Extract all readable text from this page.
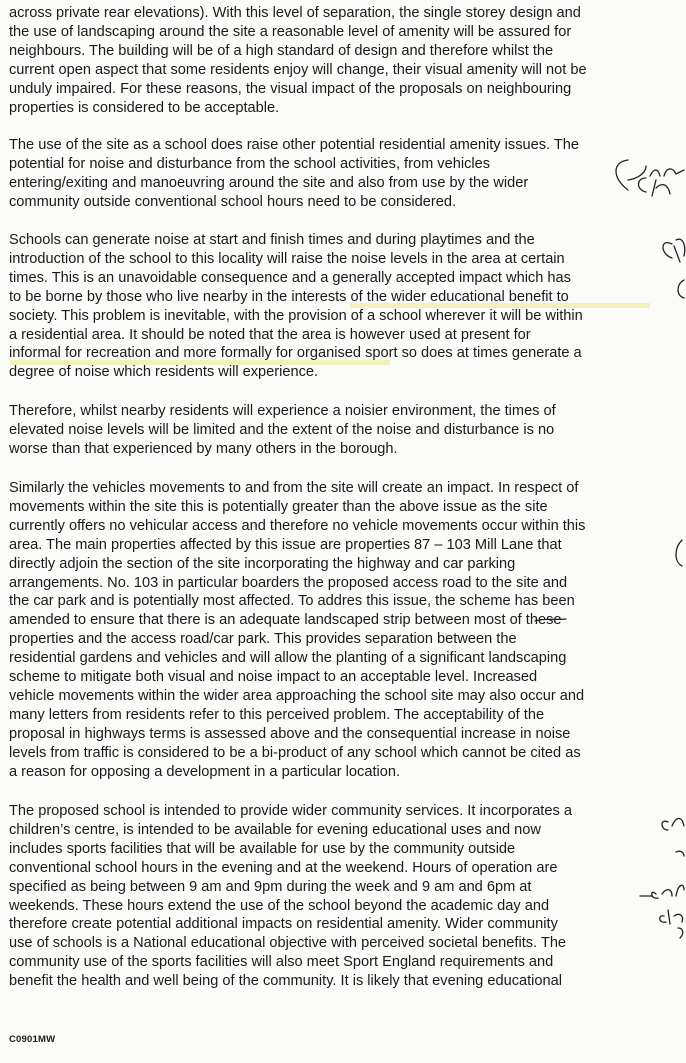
across private rear elevations). With this level of separation, the single storey design and
the use of landscaping around the site a reasonable level of amenity will be assured for
neighbours. The building will be of a high standard of design and therefore whilst the
current open aspect that some residents enjoy will change, their visual amenity will not be
unduly impaired. For these reasons, the visual impact of the proposals on neighbouring
properties is considered to be acceptable.
The use of the site as a school does raise other potential residential amenity issues. The
potential for noise and disturbance from the school activities, from vehicles
entering/exiting and manoeuvring around the site and also from use by the wider
community outside conventional school hours need to be considered.
Schools can generate noise at start and finish times and during playtimes and the
introduction of the school to this locality will raise the noise levels in the area at certain
times. This is an unavoidable consequence and a generally accepted impact which has
to be borne by those who live nearby in the interests of the wider educational benefit to
society. This problem is inevitable, with the provision of a school wherever it will be within
a residential area. It should be noted that the area is however used at present for
informal for recreation and more formally for organised sport so does at times generate a
degree of noise which residents will experience.
Therefore, whilst nearby residents will experience a noisier environment, the times of
elevated noise levels will be limited and the extent of the noise and disturbance is no
worse than that experienced by many others in the borough.
Similarly the vehicles movements to and from the site will create an impact. In respect of
movements within the site this is potentially greater than the above issue as the site
currently offers no vehicular access and therefore no vehicle movements occur within this
area. The main properties affected by this issue are properties 87 – 103 Mill Lane that
directly adjoin the section of the site incorporating the highway and car parking
arrangements. No. 103 in particular boarders the proposed access road to the site and
the car park and is potentially most affected. To addres this issue, the scheme has been
amended to ensure that there is an adequate landscaped strip between most of these
properties and the access road/car park. This provides separation between the
residential gardens and vehicles and will allow the planting of a significant landscaping
scheme to mitigate both visual and noise impact to an acceptable level. Increased
vehicle movements within the wider area approaching the school site may also occur and
many letters from residents refer to this perceived problem. The acceptability of the
proposal in highways terms is assessed above and the consequential increase in noise
levels from traffic is considered to be a bi-product of any school which cannot be cited as
a reason for opposing a development in a particular location.
The proposed school is intended to provide wider community services. It incorporates a
children’s centre, is intended to be available for evening educational uses and now
includes sports facilities that will be available for use by the community outside
conventional school hours in the evening and at the weekend. Hours of operation are
specified as being between 9 am and 9pm during the week and 9 am and 6pm at
weekends. These hours extend the use of the school beyond the academic day and
therefore create potential additional impacts on residential amenity. Wider community
use of schools is a National educational objective with perceived societal benefits. The
community use of the sports facilities will also meet Sport England requirements and
benefit the health and well being of the community. It is likely that evening educational
C0901MW
